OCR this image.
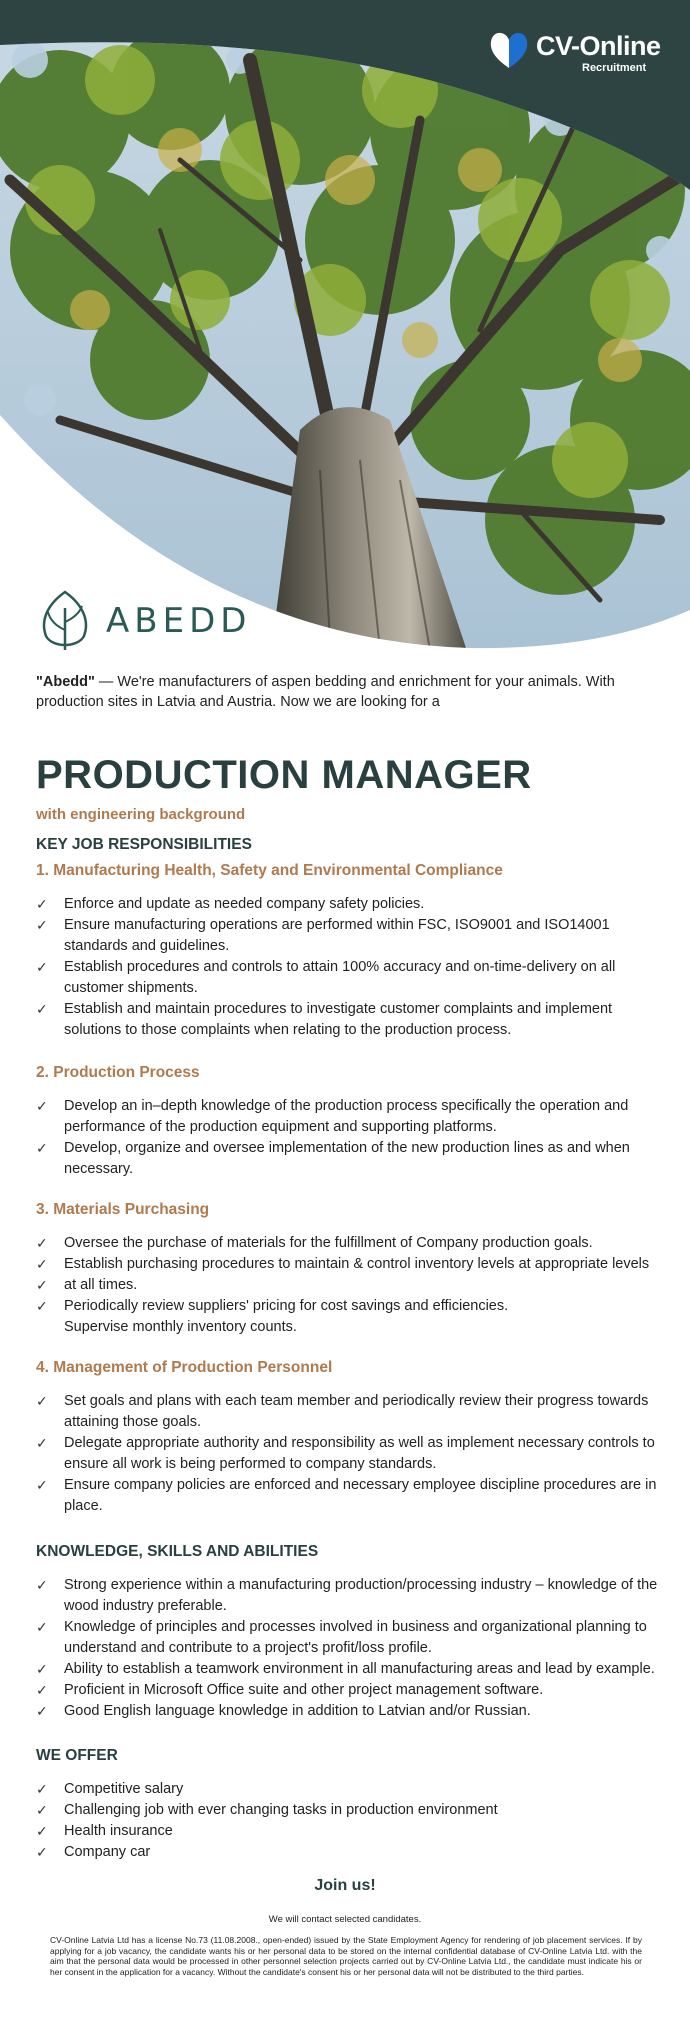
CV-Online
Recruitment
ABEDD

"Abedd" — We're manufacturers of aspen bedding and enrichment for your animals. With production sites in Latvia and Austria. Now we are looking for a

PRODUCTION MANAGER
with engineering background
KEY JOB RESPONSIBILITIES
1. Manufacturing Health, Safety and Environmental Compliance
✓	Enforce and update as needed company safety policies.
✓	Ensure manufacturing operations are performed within FSC, ISO9001 and ISO14001 standards and guidelines.
✓	Establish procedures and controls to attain 100% accuracy and on-time-delivery on all customer shipments.
✓	Establish and maintain procedures to investigate customer complaints and implement solutions to those complaints when relating to the production process.
2. Production Process
✓	Develop an in–depth knowledge of the production process specifically the operation and performance of the production equipment and supporting platforms.
✓	Develop, organize and oversee implementation of the new production lines as and when necessary.
3. Materials Purchasing
✓	Oversee the purchase of materials for the fulfillment of Company production goals.
✓	Establish purchasing procedures to maintain & control inventory levels at appropriate levels
✓	at all times.
✓	Periodically review suppliers' pricing for cost savings and efficiencies.
Supervise monthly inventory counts.
4. Management of Production Personnel
✓	Set goals and plans with each team member and periodically review their progress towards attaining those goals.
✓	Delegate appropriate authority and responsibility as well as implement necessary controls to ensure all work is being performed to company standards.
✓	Ensure company policies are enforced and necessary employee discipline procedures are in place.
KNOWLEDGE, SKILLS AND ABILITIES
✓	Strong experience within a manufacturing production/processing industry – knowledge of the wood industry preferable.
✓	Knowledge of principles and processes involved in business and organizational planning to understand and contribute to a project's profit/loss profile.
✓	Ability to establish a teamwork environment in all manufacturing areas and lead by example.
✓	Proficient in Microsoft Office suite and other project management software.
✓	Good English language knowledge in addition to Latvian and/or Russian.
WE OFFER
✓	Competitive salary
✓	Challenging job with ever changing tasks in production environment
✓	Health insurance
✓	Company car
Join us!
We will contact selected candidates.
CV-Online Latvia Ltd has a license No.73 (11.08.2008., open-ended) issued by the State Employment Agency for rendering of job placement services. If by applying for a job vacancy, the candidate wants his or her personal data to be stored on the internal confidential database of CV-Online Latvia Ltd. with the aim that the personal data would be processed in other personnel selection projects carried out by CV-Online Latvia Ltd., the candidate must indicate his or her consent in the application for a vacancy. Without the candidate's consent his or her personal data will not be distributed to the third parties.
